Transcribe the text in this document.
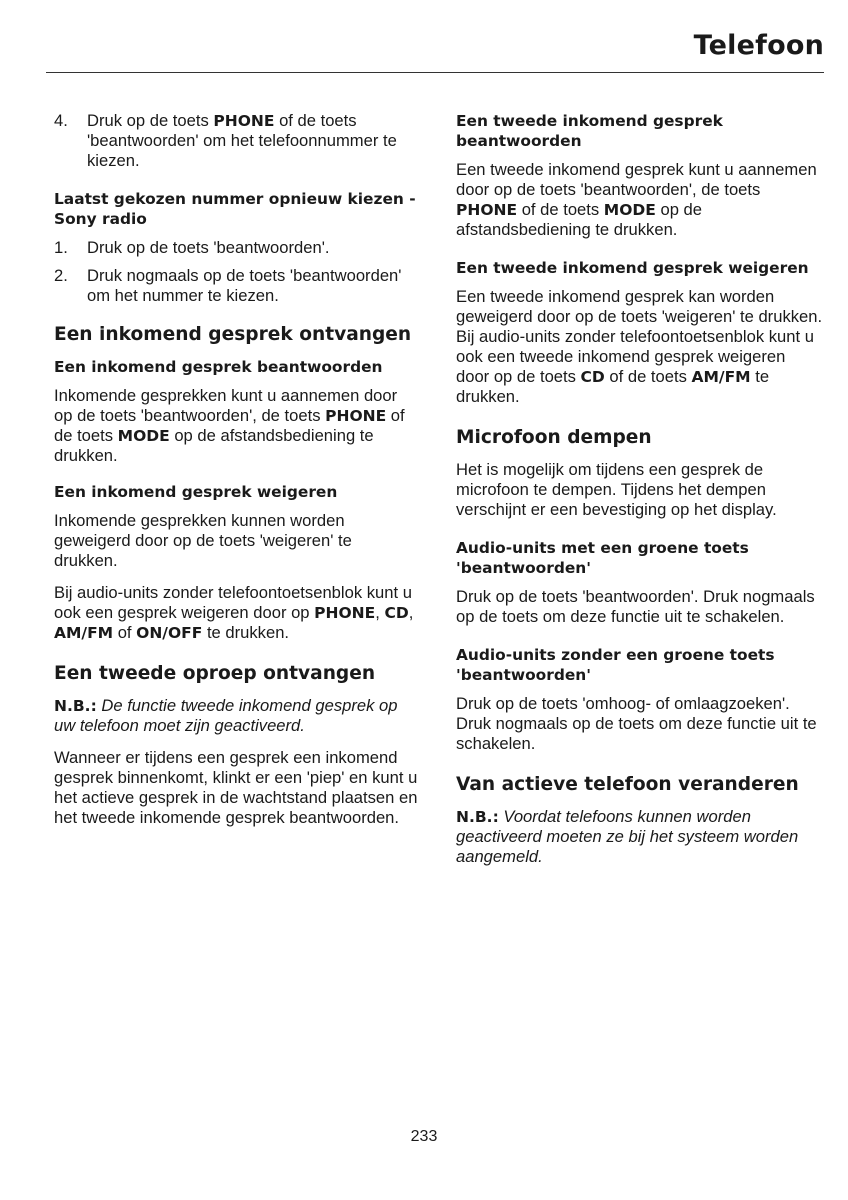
Telefoon
4. Druk op de toets PHONE of de toets 'beantwoorden' om het telefoonnummer te kiezen.
Laatst gekozen nummer opnieuw kiezen - Sony radio
1. Druk op de toets 'beantwoorden'.
2. Druk nogmaals op de toets 'beantwoorden' om het nummer te kiezen.
Een inkomend gesprek ontvangen
Een inkomend gesprek beantwoorden

Inkomende gesprekken kunt u aannemen door op de toets 'beantwoorden', de toets PHONE of de toets MODE op de afstandsbediening te drukken.

Een inkomend gesprek weigeren

Inkomende gesprekken kunnen worden geweigerd door op de toets 'weigeren' te drukken.

Bij audio-units zonder telefoontoetsenblok kunt u ook een gesprek weigeren door op PHONE, CD, AM/FM of ON/OFF te drukken.

Een tweede oproep ontvangen

N.B.: De functie tweede inkomend gesprek op uw telefoon moet zijn geactiveerd.

Wanneer er tijdens een gesprek een inkomend gesprek binnenkomt, klinkt er een 'piep' en kunt u het actieve gesprek in de wachtstand plaatsen en het tweede inkomende gesprek beantwoorden.

Een tweede inkomend gesprek beantwoorden

Een tweede inkomend gesprek kunt u aannemen door op de toets 'beantwoorden', de toets PHONE of de toets MODE op de afstandsbediening te drukken.

Een tweede inkomend gesprek weigeren

Een tweede inkomend gesprek kan worden geweigerd door op de toets 'weigeren' te drukken. Bij audio-units zonder telefoontoetsenblok kunt u ook een tweede inkomend gesprek weigeren door op de toets CD of de toets AM/FM te drukken.

Microfoon dempen

Het is mogelijk om tijdens een gesprek de microfoon te dempen. Tijdens het dempen verschijnt er een bevestiging op het display.

Audio-units met een groene toets 'beantwoorden'

Druk op de toets 'beantwoorden'. Druk nogmaals op de toets om deze functie uit te schakelen.

Audio-units zonder een groene toets 'beantwoorden'

Druk op de toets 'omhoog- of omlaagzoeken'. Druk nogmaals op de toets om deze functie uit te schakelen.

Van actieve telefoon veranderen

N.B.: Voordat telefoons kunnen worden geactiveerd moeten ze bij het systeem worden aangemeld.

233
